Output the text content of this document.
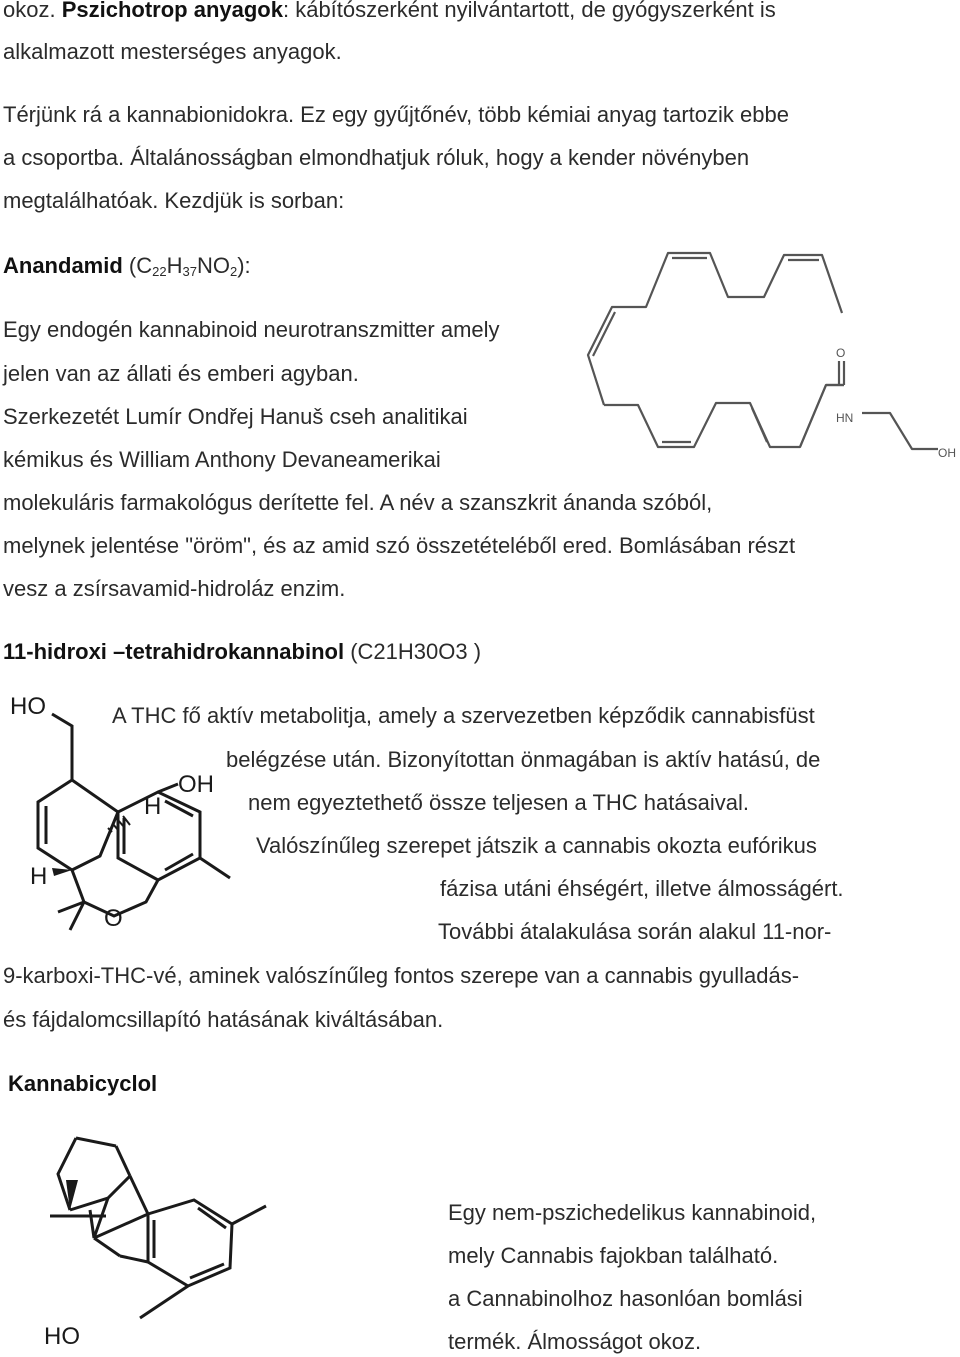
okoz. Pszichotrop anyagok: kábítószerként nyilvántartott, de gyógyszerként is
alkalmazott mesterséges anyagok.
Térjünk rá a kannabionidokra. Ez egy gyűjtőnév, több kémiai anyag tartozik ebbe
a csoportba. Általánosságban elmondhatjuk róluk, hogy a kender növényben
megtalálhatóak. Kezdjük is sorban:
Anandamid $(C_{22}H_{37}NO_2)$:
Egy endogén kannabinoid neurotranszmitter amely
jelen van az állati és emberi agyban.
Szerkezetét Lumír Ondřej Hanuš cseh analitikai
kémikus és William Anthony Devaneamerikai
molekuláris farmakológus derítette fel. A név a szanszkrit ánanda szóból,
melynek jelentése "öröm", és az amid szó összetételéből ered. Bomlásában részt
vesz a zsírsavamid-hidroláz enzim.
O
HN
OH
11-hidroxi –tetrahidrokannabinol (C21H30O3 )
HO
OH
H
H
O
A THC fő aktív metabolitja, amely a szervezetben képződik cannabisfüst
belégzése után. Bizonyítottan önmagában is aktív hatású, de
nem egyeztethető össze teljesen a THC hatásaival.
Valószínűleg szerepet játszik a cannabis okozta eufórikus
fázisa utáni éhségért, illetve álmosságért.
További átalakulása során alakul 11-nor-
9-karboxi-THC-vé, aminek valószínűleg fontos szerepe van a cannabis gyulladás-
és fájdalomcsillapító hatásának kiváltásában.
Kannabicyclol
HO
Egy nem-pszichedelikus kannabinoid,
mely Cannabis fajokban található.
a Cannabinolhoz hasonlóan bomlási
termék. Álmosságot okoz.
